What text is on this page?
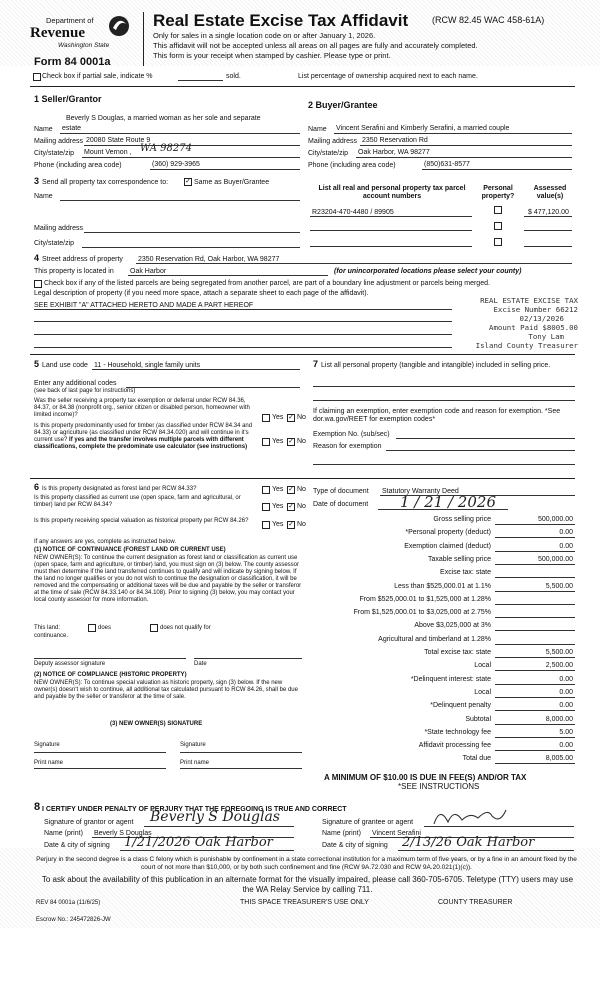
Department of
Revenue
Washington State
Form 84 0001a
Real Estate Excise Tax Affidavit	(RCW 82.45 WAC 458-61A)
Only for sales in a single location code on or after January 1, 2026.
This affidavit will not be accepted unless all areas on all pages are fully and accurately completed.
This form is your receipt when stamped by cashier. Please type or print.
Check box if partial sale, indicate %	sold.	List percentage of ownership acquired next to each name.
1 Seller/Grantor
Beverly S Douglas, a married woman as her sole and separate
Name estate
Mailing address 20080 State Route 9
City/state/zip Mount Vernon , WA 98274
Phone (including area code)	(360) 929-3965
2 Buyer/Grantee
Name Vincent Serafini and Kimberly Serafini, a married couple
Mailing address 2350 Reservation Rd
City/state/zip Oak Harbor, WA 98277
Phone (including area code)	(850)631-8577
3 Send all property tax correspondence to: ✓ Same as Buyer/Grantee
Name
Mailing address
City/state/zip
List all real and personal property tax parcel account numbers
Personal property?
Assessed value(s)
R23204-470-4480 / 89905	$ 477,120.00
4 Street address of property 2350 Reservation Rd, Oak Harbor, WA 98277
This property is located in Oak Harbor	(for unincorporated locations please select your county)
Check box if any of the listed parcels are being segregated from another parcel, are part of a boundary line adjustment or parcels being merged.
Legal description of property (if you need more space, attach a separate sheet to each page of the affidavit).
SEE EXHIBIT "A" ATTACHED HERETO AND MADE A PART HEREOF
REAL ESTATE EXCISE TAX
Excise Number 66212
02/13/2026
Amount Paid $8005.00
Tony Lam
Island County Treasurer
5 Land use code 11 - Household, single family units
Enter any additional codes
(see back of last page for instructions)
Was the seller receiving a property tax exemption or deferral under RCW 84.36, 84.37, or 84.38 (nonprofit org., senior citizen or disabled person, homeowner with limited income)?	Yes ✓ No
Is this property predominantly used for timber (as classified under RCW 84.34 and 84.33) or agriculture (as classified under RCW 84.34.020) and will continue in it's current use? If yes and the transfer involves multiple parcels with different classifications, complete the predominate use calculator (see instructions)
Yes ✓ No
7 List all personal property (tangible and intangible) included in selling price.
If claiming an exemption, enter exemption code and reason for exemption. *See dor.wa.gov/REET for exemption codes*
Exemption No. (sub/sec)
Reason for exemption
6 Is this property designated as forest land per RCW 84.33?	Yes ✓ No
Is this property classified as current use (open space, farm and agricultural, or timber) land per RCW 84.34?	Yes ✓ No
Is this property receiving special valuation as historical property per RCW 84.26?	Yes ✓ No
If any answers are yes, complete as instructed below.
(1) NOTICE OF CONTINUANCE (FOREST LAND OR CURRENT USE)
NEW OWNER(S): To continue the current designation as forest land or classification as current use (open space, farm and agriculture, or timber) land, you must sign on (3) below. The county assessor must then determine if the land transferred continues to qualify and will indicate by signing below. If the land no longer qualifies or you do not wish to continue the designation or classification, it will be removed and the compensating or additional taxes will be due and payable by the seller or transferor at the time of sale (RCW 84.33.140 or 84.34.108). Prior to signing (3) below, you may contact your local county assessor for more information.
This land:	does	does not qualify for
continuance.
Deputy assessor signature	Date
(2) NOTICE OF COMPLIANCE (HISTORIC PROPERTY)
NEW OWNER(S): To continue special valuation as historic property, sign (3) below. If the new owner(s) doesn't wish to continue, all additional tax calculated pursuant to RCW 84.26, shall be due and payable by the seller or transferor at the time of sale.
(3) NEW OWNER(S) SIGNATURE
Signature	Signature
Print name	Print name
Type of document Statutory Warranty Deed
Date of document 1 / 21 / 2026
Gross selling price	500,000.00
*Personal property (deduct)	0.00
Exemption claimed (deduct)	0.00
Taxable selling price	500,000.00
Excise tax: state
Less than $525,000.01 at 1.1%	5,500.00
From $525,000.01 to $1,525,000 at 1.28%
From $1,525,000.01 to $3,025,000 at 2.75%
Above $3,025,000 at 3%
Agricultural and timberland at 1.28%
Total excise tax: state	5,500.00
Local	2,500.00
*Delinquent interest: state	0.00
Local	0.00
*Delinquent penalty	0.00
Subtotal	8,000.00
*State technology fee	5.00
Affidavit processing fee	0.00
Total due	8,005.00
A MINIMUM OF $10.00 IS DUE IN FEE(S) AND/OR TAX
*SEE INSTRUCTIONS
8 I CERTIFY UNDER PENALTY OF PERJURY THAT THE FOREGOING IS TRUE AND CORRECT
Signature of grantor or agent Beverly S Douglas
Name (print) Beverly S Douglas
Date & city of signing 1/21/2026 Oak Harbor
Signature of grantee or agent
Name (print) Vincent Serafini
Date & city of signing 2/13/26 Oak Harbor
Perjury in the second degree is a class C felony which is punishable by confinement in a state correctional institution for a maximum term of five years, or by a fine in an amount fixed by the court of not more than $10,000, or by both such confinement and fine (RCW 9A.72.030 and RCW 9A.20.021(1)(c)).
To ask about the availability of this publication in an alternate format for the visually impaired, please call 360-705-6705. Teletype (TTY) users may use the WA Relay Service by calling 711.
REV 84 0001a (11/6/25)	THIS SPACE TREASURER'S USE ONLY	COUNTY TREASURER
Escrow No.: 245472826-JW
